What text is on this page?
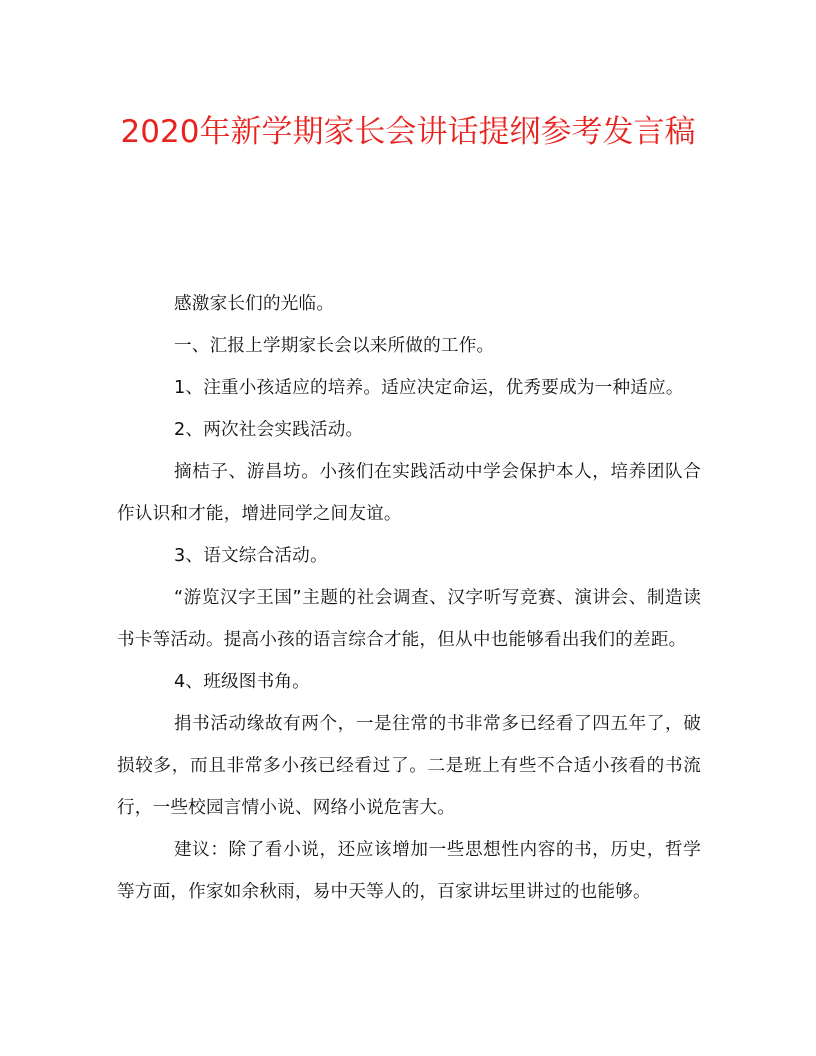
2020年新学期家长会讲话提纲参考发言稿

感激家长们的光临。

一、汇报上学期家长会以来所做的工作。

1、注重小孩适应的培养。适应决定命运，优秀要成为一种适应。

2、两次社会实践活动。

摘桔子、游昌坊。小孩们在实践活动中学会保护本人，培养团队合作认识和才能，增进同学之间友谊。

3、语文综合活动。

“游览汉字王国”主题的社会调查、汉字听写竞赛、演讲会、制造读书卡等活动。提高小孩的语言综合才能，但从中也能够看出我们的差距。

4、班级图书角。

捐书活动缘故有两个，一是往常的书非常多已经看了四五年了，破损较多，而且非常多小孩已经看过了。二是班上有些不合适小孩看的书流行，一些校园言情小说、网络小说危害大。

建议：除了看小说，还应该增加一些思想性内容的书，历史，哲学等方面，作家如余秋雨，易中天等人的，百家讲坛里讲过的也能够。
